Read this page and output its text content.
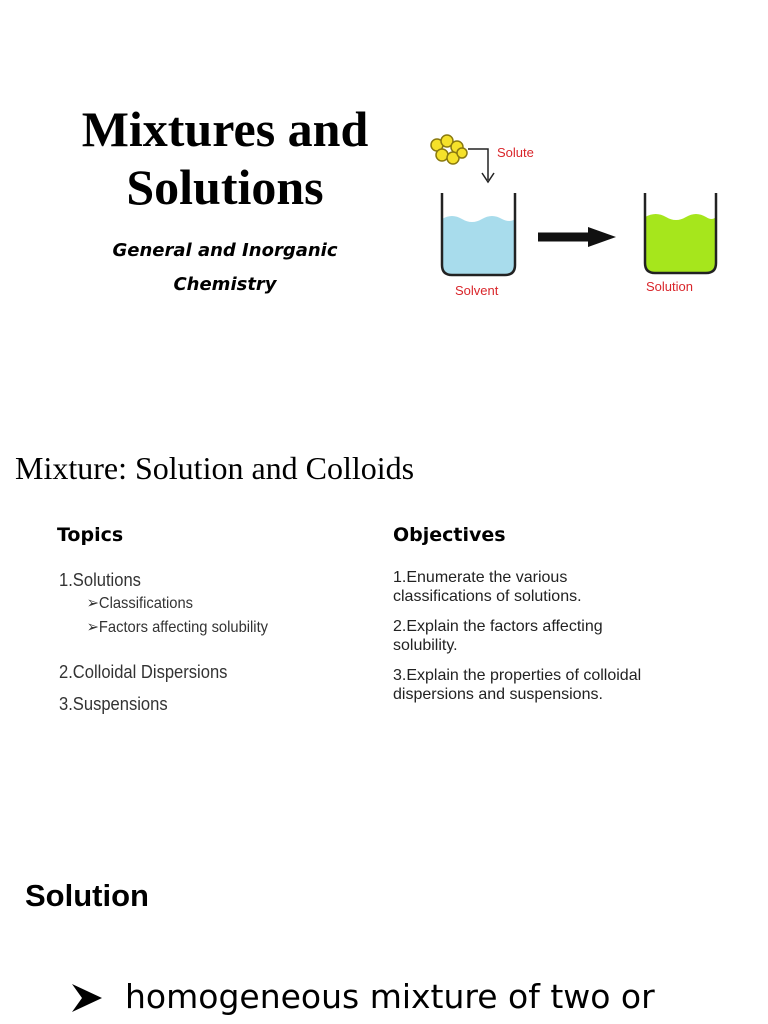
Mixtures and
Solutions
General and Inorganic
Chemistry
Solute
Solvent	Solution
Mixture: Solution and Colloids
Topics	Objectives
1.Solutions
➢Classifications
➢Factors affecting solubility
2.Colloidal Dispersions
3.Suspensions
1.Enumerate the various
classifications of solutions.
2.Explain the factors affecting
solubility.
3.Explain the properties of colloidal
dispersions and suspensions.
Solution
homogeneous mixture of two or
